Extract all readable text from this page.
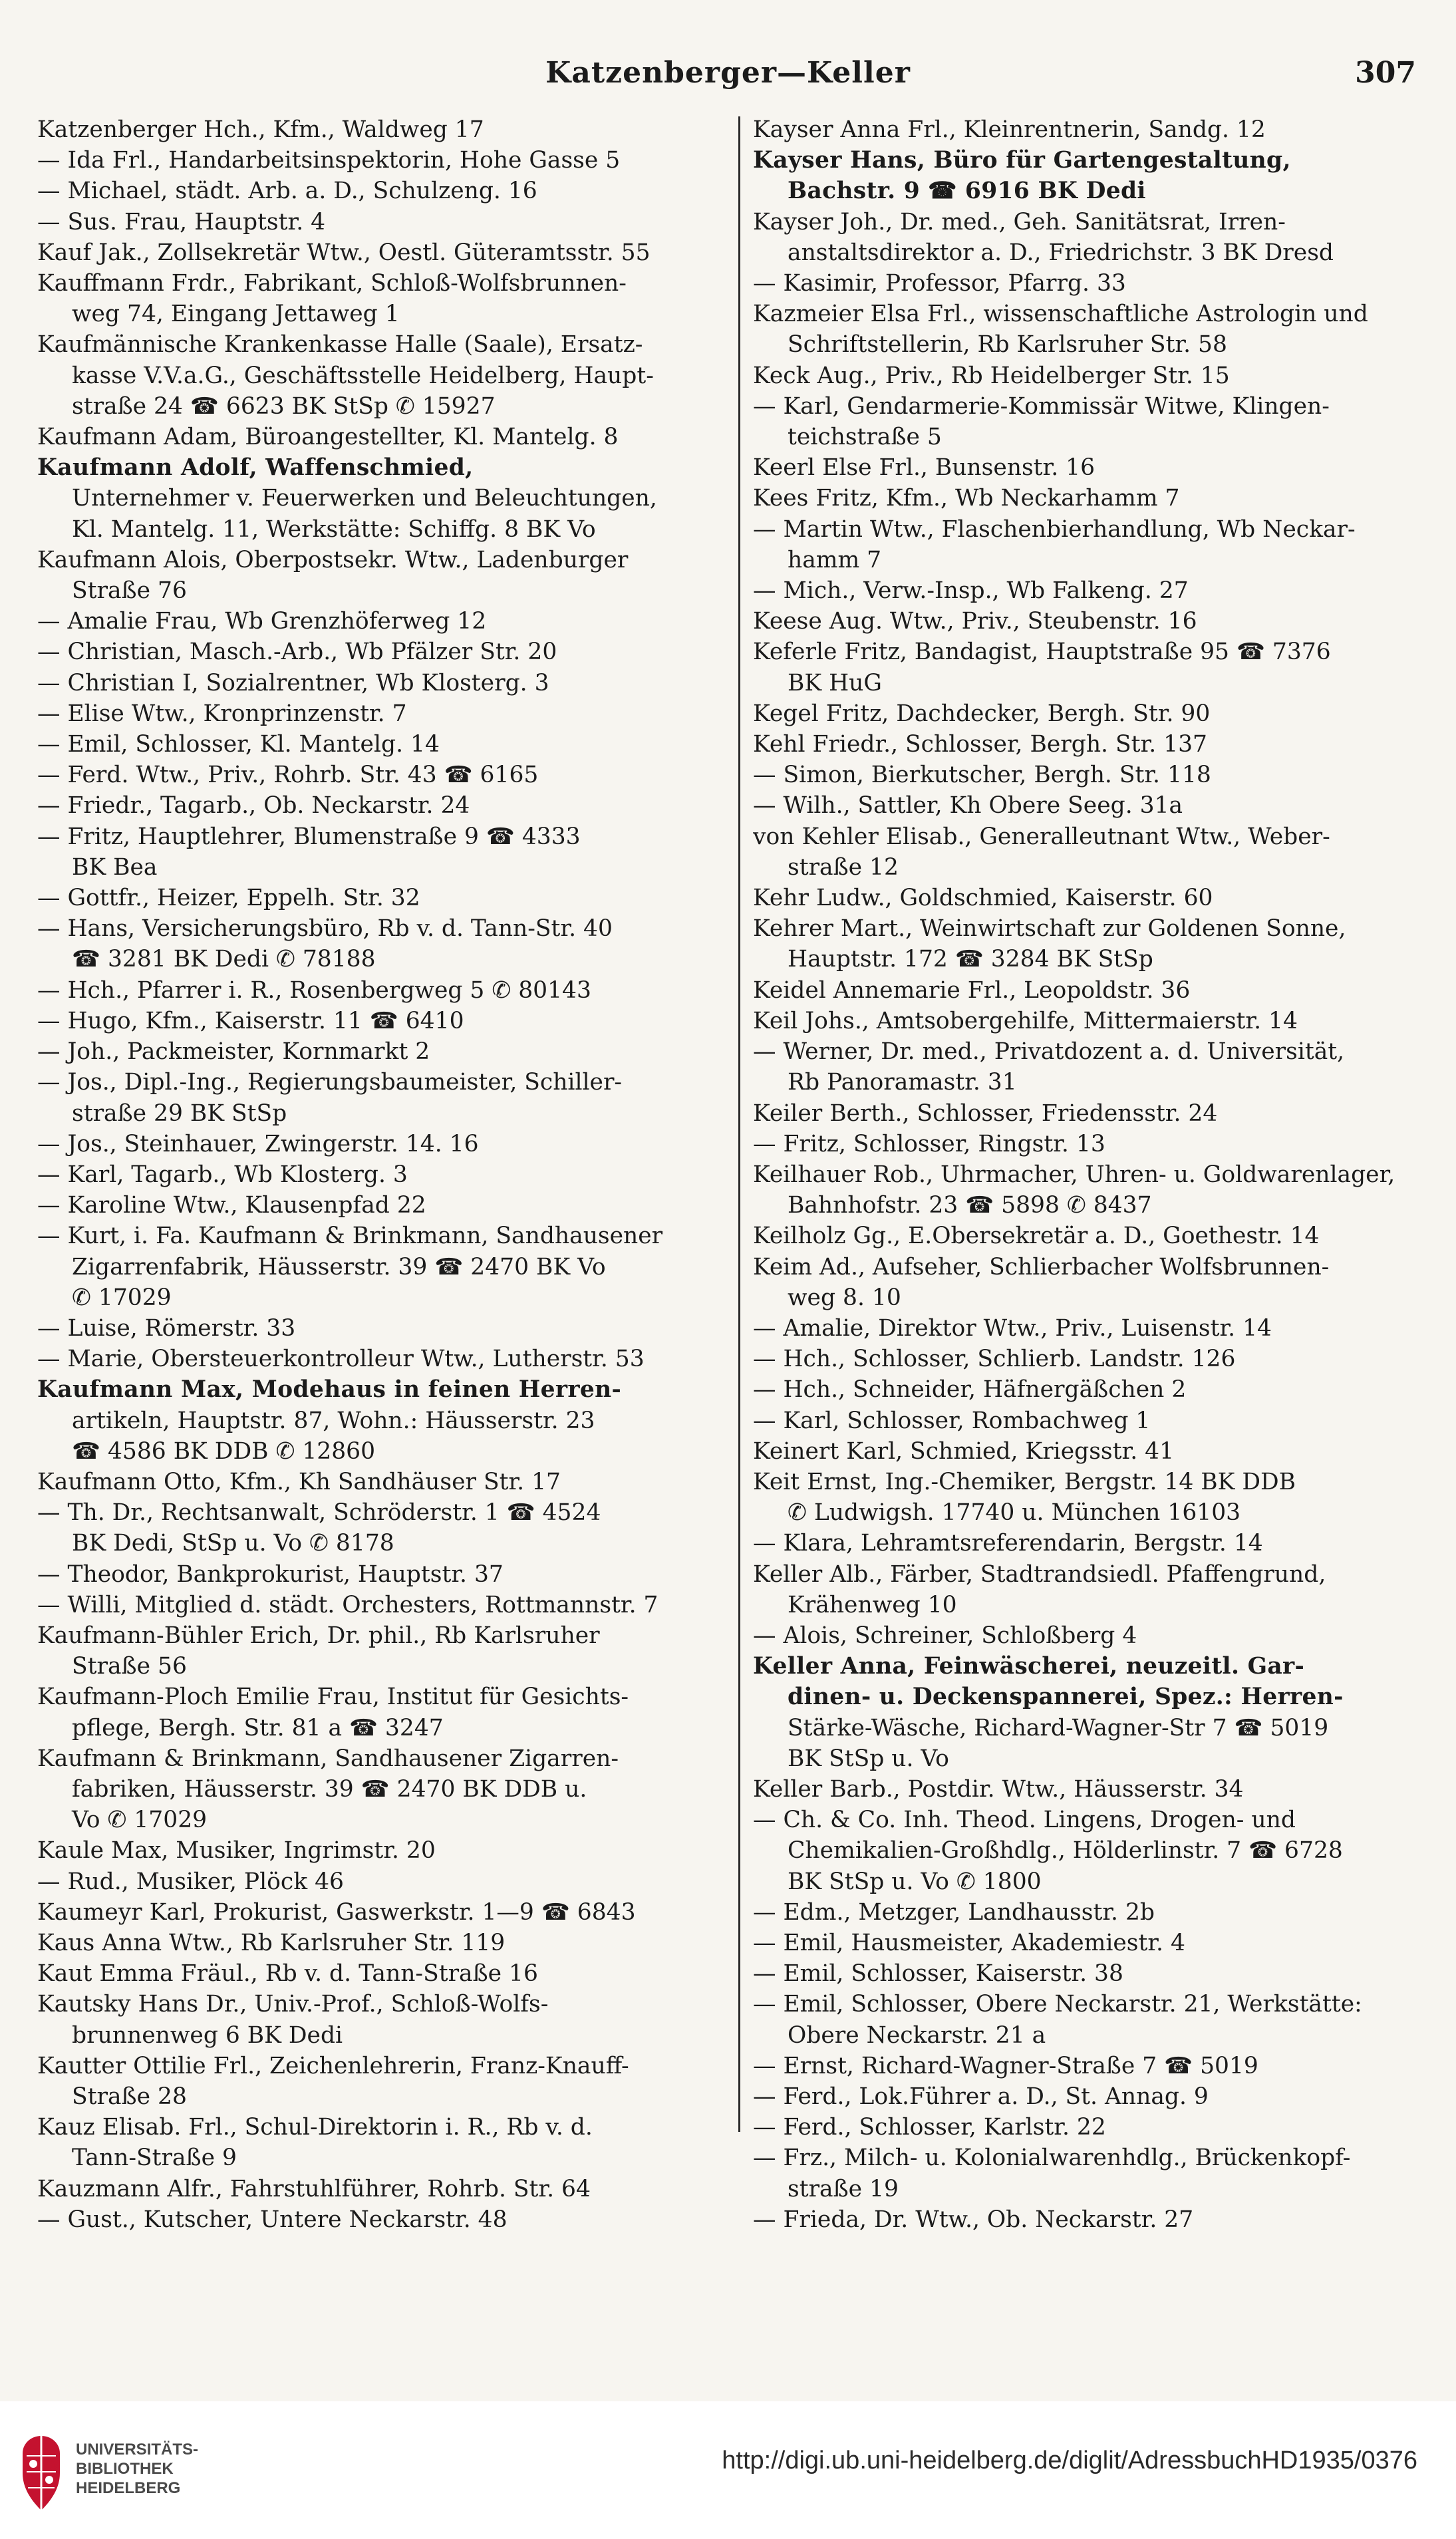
Katzenberger—Keller	307
Katzenberger Hch., Kfm., Waldweg 17
— Ida Frl., Handarbeitsinspektorin, Hohe Gasse 5
— Michael, städt. Arb. a. D., Schulzeng. 16
— Sus. Frau, Hauptstr. 4
Kauf Jak., Zollsekretär Wtw., Oestl. Güteramtsstr. 55
Kauffmann Frdr., Fabrikant, Schloß-Wolfsbrunnen-
weg 74, Eingang Jettaweg 1
Kaufmännische Krankenkasse Halle (Saale), Ersatz-
kasse V.V.a.G., Geschäftsstelle Heidelberg, Haupt-
straße 24 ☎ 6623 BK StSp ✆ 15927
Kaufmann Adam, Büroangestellter, Kl. Mantelg. 8
Kaufmann Adolf, Waffenschmied,
Unternehmer v. Feuerwerken und Beleuchtungen,
Kl. Mantelg. 11, Werkstätte: Schiffg. 8 BK Vo
Kaufmann Alois, Oberpostsekr. Wtw., Ladenburger
Straße 76
— Amalie Frau, Wb Grenzhöferweg 12
— Christian, Masch.-Arb., Wb Pfälzer Str. 20
— Christian I, Sozialrentner, Wb Klosterg. 3
— Elise Wtw., Kronprinzenstr. 7
— Emil, Schlosser, Kl. Mantelg. 14
— Ferd. Wtw., Priv., Rohrb. Str. 43 ☎ 6165
— Friedr., Tagarb., Ob. Neckarstr. 24
— Fritz, Hauptlehrer, Blumenstraße 9 ☎ 4333
BK Bea
— Gottfr., Heizer, Eppelh. Str. 32
— Hans, Versicherungsbüro, Rb v. d. Tann-Str. 40
☎ 3281 BK Dedi ✆ 78188
— Hch., Pfarrer i. R., Rosenbergweg 5 ✆ 80143
— Hugo, Kfm., Kaiserstr. 11 ☎ 6410
— Joh., Packmeister, Kornmarkt 2
— Jos., Dipl.-Ing., Regierungsbaumeister, Schiller-
straße 29 BK StSp
— Jos., Steinhauer, Zwingerstr. 14. 16
— Karl, Tagarb., Wb Klosterg. 3
— Karoline Wtw., Klausenpfad 22
— Kurt, i. Fa. Kaufmann & Brinkmann, Sandhausener
Zigarrenfabrik, Häusserstr. 39 ☎ 2470 BK Vo
✆ 17029
— Luise, Römerstr. 33
— Marie, Obersteuerkontrolleur Wtw., Lutherstr. 53
Kaufmann Max, Modehaus in feinen Herren-
artikeln, Hauptstr. 87, Wohn.: Häusserstr. 23
☎ 4586 BK DDB ✆ 12860
Kaufmann Otto, Kfm., Kh Sandhäuser Str. 17
— Th. Dr., Rechtsanwalt, Schröderstr. 1 ☎ 4524
BK Dedi, StSp u. Vo ✆ 8178
— Theodor, Bankprokurist, Hauptstr. 37
— Willi, Mitglied d. städt. Orchesters, Rottmannstr. 7
Kaufmann-Bühler Erich, Dr. phil., Rb Karlsruher
Straße 56
Kaufmann-Ploch Emilie Frau, Institut für Gesichts-
pflege, Bergh. Str. 81 a ☎ 3247
Kaufmann & Brinkmann, Sandhausener Zigarren-
fabriken, Häusserstr. 39 ☎ 2470 BK DDB u.
Vo ✆ 17029
Kaule Max, Musiker, Ingrimstr. 20
— Rud., Musiker, Plöck 46
Kaumeyr Karl, Prokurist, Gaswerkstr. 1—9 ☎ 6843
Kaus Anna Wtw., Rb Karlsruher Str. 119
Kaut Emma Fräul., Rb v. d. Tann-Straße 16
Kautsky Hans Dr., Univ.-Prof., Schloß-Wolfs-
brunnenweg 6 BK Dedi
Kautter Ottilie Frl., Zeichenlehrerin, Franz-Knauff-
Straße 28
Kauz Elisab. Frl., Schul-Direktorin i. R., Rb v. d.
Tann-Straße 9
Kauzmann Alfr., Fahrstuhlführer, Rohrb. Str. 64
— Gust., Kutscher, Untere Neckarstr. 48
Kayser Anna Frl., Kleinrentnerin, Sandg. 12
Kayser Hans, Büro für Gartengestaltung,
Bachstr. 9 ☎ 6916 BK Dedi
Kayser Joh., Dr. med., Geh. Sanitätsrat, Irren-
anstaltsdirektor a. D., Friedrichstr. 3 BK Dresd
— Kasimir, Professor, Pfarrg. 33
Kazmeier Elsa Frl., wissenschaftliche Astrologin und
Schriftstellerin, Rb Karlsruher Str. 58
Keck Aug., Priv., Rb Heidelberger Str. 15
— Karl, Gendarmerie-Kommissär Witwe, Klingen-
teichstraße 5
Keerl Else Frl., Bunsenstr. 16
Kees Fritz, Kfm., Wb Neckarhamm 7
— Martin Wtw., Flaschenbierhandlung, Wb Neckar-
hamm 7
— Mich., Verw.-Insp., Wb Falkeng. 27
Keese Aug. Wtw., Priv., Steubenstr. 16
Keferle Fritz, Bandagist, Hauptstraße 95 ☎ 7376
BK HuG
Kegel Fritz, Dachdecker, Bergh. Str. 90
Kehl Friedr., Schlosser, Bergh. Str. 137
— Simon, Bierkutscher, Bergh. Str. 118
— Wilh., Sattler, Kh Obere Seeg. 31a
von Kehler Elisab., Generalleutnant Wtw., Weber-
straße 12
Kehr Ludw., Goldschmied, Kaiserstr. 60
Kehrer Mart., Weinwirtschaft zur Goldenen Sonne,
Hauptstr. 172 ☎ 3284 BK StSp
Keidel Annemarie Frl., Leopoldstr. 36
Keil Johs., Amtsobergehilfe, Mittermaierstr. 14
— Werner, Dr. med., Privatdozent a. d. Universität,
Rb Panoramastr. 31
Keiler Berth., Schlosser, Friedensstr. 24
— Fritz, Schlosser, Ringstr. 13
Keilhauer Rob., Uhrmacher, Uhren- u. Goldwarenlager,
Bahnhofstr. 23 ☎ 5898 ✆ 8437
Keilholz Gg., E.Obersekretär a. D., Goethestr. 14
Keim Ad., Aufseher, Schlierbacher Wolfsbrunnen-
weg 8. 10
— Amalie, Direktor Wtw., Priv., Luisenstr. 14
— Hch., Schlosser, Schlierb. Landstr. 126
— Hch., Schneider, Häfnergäßchen 2
— Karl, Schlosser, Rombachweg 1
Keinert Karl, Schmied, Kriegsstr. 41
Keit Ernst, Ing.-Chemiker, Bergstr. 14 BK DDB
✆ Ludwigsh. 17740 u. München 16103
— Klara, Lehramtsreferendarin, Bergstr. 14
Keller Alb., Färber, Stadtrandsiedl. Pfaffengrund,
Krähenweg 10
— Alois, Schreiner, Schloßberg 4
Keller Anna, Feinwäscherei, neuzeitl. Gar-
dinen- u. Deckenspannerei, Spez.: Herren-
Stärke-Wäsche, Richard-Wagner-Str 7 ☎ 5019
BK StSp u. Vo
Keller Barb., Postdir. Wtw., Häusserstr. 34
— Ch. & Co. Inh. Theod. Lingens, Drogen- und
Chemikalien-Großhdlg., Hölderlinstr. 7 ☎ 6728
BK StSp u. Vo ✆ 1800
— Edm., Metzger, Landhausstr. 2b
— Emil, Hausmeister, Akademiestr. 4
— Emil, Schlosser, Kaiserstr. 38
— Emil, Schlosser, Obere Neckarstr. 21, Werkstätte:
Obere Neckarstr. 21 a
— Ernst, Richard-Wagner-Straße 7 ☎ 5019
— Ferd., Lok.Führer a. D., St. Annag. 9
— Ferd., Schlosser, Karlstr. 22
— Frz., Milch- u. Kolonialwarenhdlg., Brückenkopf-
straße 19
— Frieda, Dr. Wtw., Ob. Neckarstr. 27
UNIVERSITÄTS-
BIBLIOTHEK
HEIDELBERG
http://digi.ub.uni-heidelberg.de/diglit/AdressbuchHD1935/0376
